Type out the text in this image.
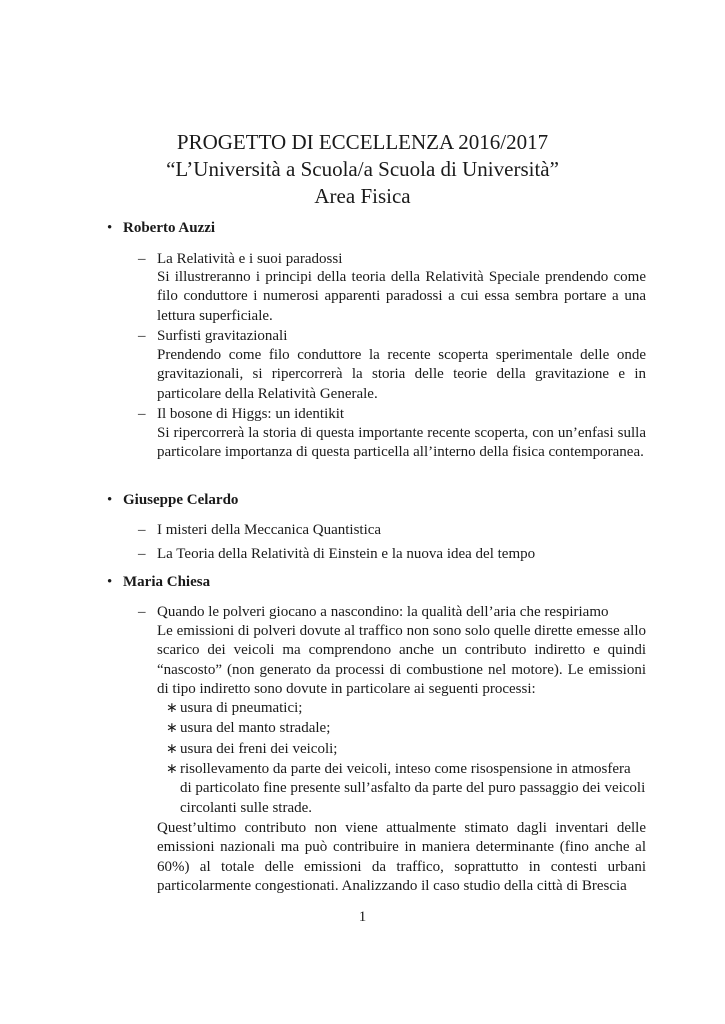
PROGETTO DI ECCELLENZA 2016/2017
“L’Università a Scuola/a Scuola di Università”
Area Fisica
• Roberto Auzzi
– La Relatività e i suoi paradossi
Si illustreranno i principi della teoria della Relatività Speciale prendendo come filo conduttore i numerosi apparenti paradossi a cui essa sembra portare a una lettura superficiale.
– Surfisti gravitazionali
Prendendo come filo conduttore la recente scoperta sperimentale delle onde gravitazionali, si ripercorrerà la storia delle teorie della gravitazione e in particolare della Relatività Generale.
– Il bosone di Higgs: un identikit
Si ripercorrerà la storia di questa importante recente scoperta, con un’enfasi sulla particolare importanza di questa particella all’interno della fisica contemporanea.
• Giuseppe Celardo
– I misteri della Meccanica Quantistica
– La Teoria della Relatività di Einstein e la nuova idea del tempo
• Maria Chiesa
– Quando le polveri giocano a nascondino: la qualità dell’aria che respiriamo
Le emissioni di polveri dovute al traffico non sono solo quelle dirette emesse allo scarico dei veicoli ma comprendono anche un contributo indiretto e quindi “nascosto” (non generato da processi di combustione nel motore). Le emissioni di tipo indiretto sono dovute in particolare ai seguenti processi:
∗ usura di pneumatici;
∗ usura del manto stradale;
∗ usura dei freni dei veicoli;
∗ risollevamento da parte dei veicoli, inteso come risospensione in atmosfera di particolato fine presente sull’asfalto da parte del puro passaggio dei veicoli circolanti sulle strade.
Quest’ultimo contributo non viene attualmente stimato dagli inventari delle emissioni nazionali ma può contribuire in maniera determinante (fino anche al 60%) al totale delle emissioni da traffico, soprattutto in contesti urbani particolarmente congestionati. Analizzando il caso studio della città di Brescia
1
